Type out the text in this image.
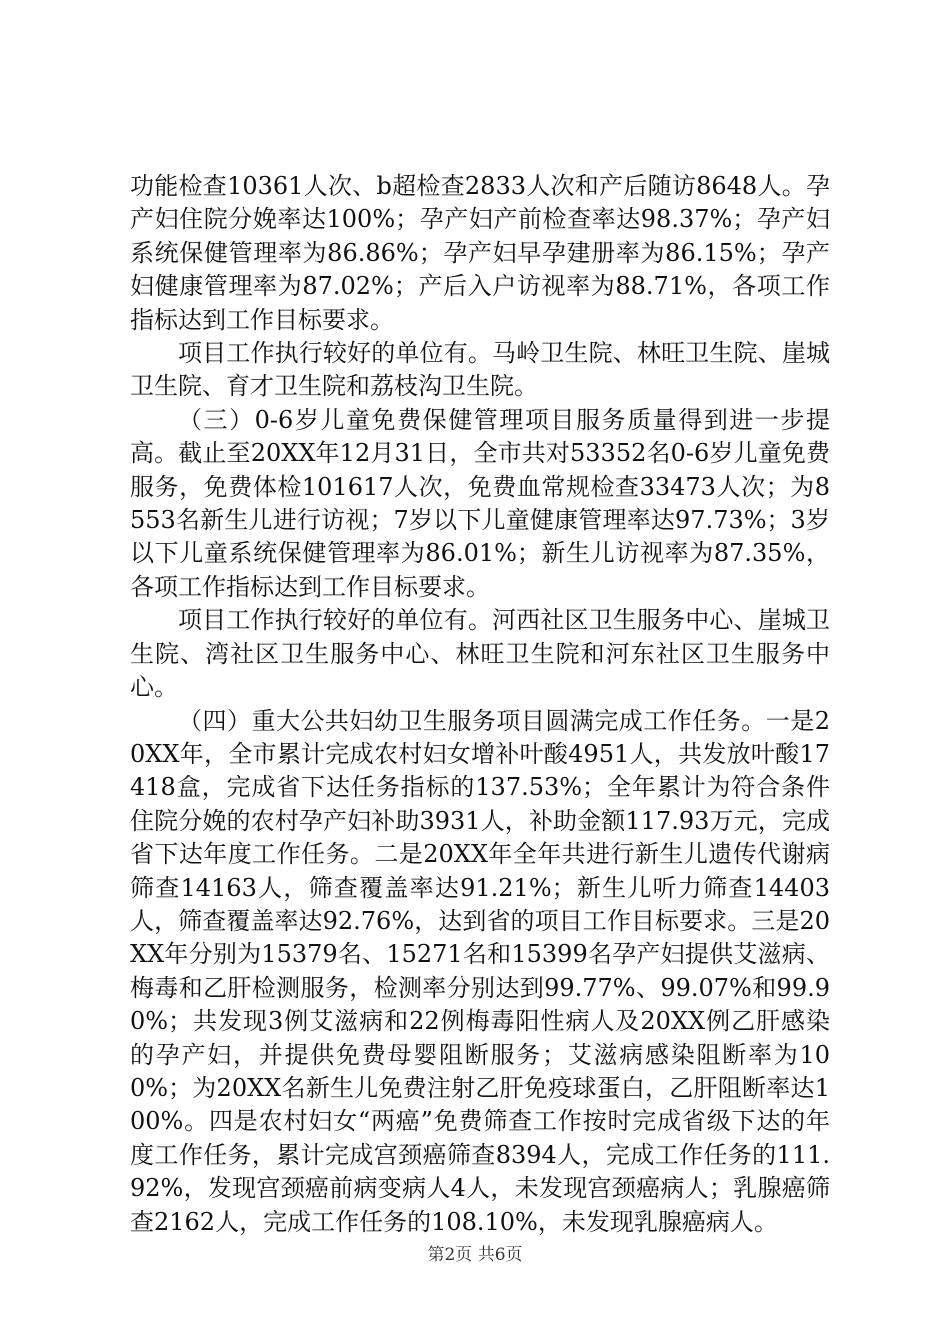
功能检查10361人次、b超检查2833人次和产后随访8648人。孕产妇住院分娩率达100%；孕产妇产前检查率达98.37%；孕产妇系统保健管理率为86.86%；孕产妇早孕建册率为86.15%；孕产妇健康管理率为87.02%；产后入户访视率为88.71%，各项工作指标达到工作目标要求。

项目工作执行较好的单位有。马岭卫生院、林旺卫生院、崖城卫生院、育才卫生院和荔枝沟卫生院。

（三）0-6岁儿童免费保健管理项目服务质量得到进一步提高。截止至20XX年12月31日，全市共对53352名0-6岁儿童免费服务，免费体检101617人次，免费血常规检查33473人次；为8553名新生儿进行访视；7岁以下儿童健康管理率达97.73%；3岁以下儿童系统保健管理率为86.01%；新生儿访视率为87.35%，各项工作指标达到工作目标要求。

项目工作执行较好的单位有。河西社区卫生服务中心、崖城卫生院、湾社区卫生服务中心、林旺卫生院和河东社区卫生服务中心。

（四）重大公共妇幼卫生服务项目圆满完成工作任务。一是20XX年，全市累计完成农村妇女增补叶酸4951人，共发放叶酸17418盒，完成省下达任务指标的137.53%；全年累计为符合条件住院分娩的农村孕产妇补助3931人，补助金额117.93万元，完成省下达年度工作任务。二是20XX年全年共进行新生儿遗传代谢病筛查14163人，筛查覆盖率达91.21%；新生儿听力筛查14403人，筛查覆盖率达92.76%，达到省的项目工作目标要求。三是20XX年分别为15379名、15271名和15399名孕产妇提供艾滋病、梅毒和乙肝检测服务，检测率分别达到99.77%、99.07%和99.90%；共发现3例艾滋病和22例梅毒阳性病人及20XX例乙肝感染的孕产妇，并提供免费母婴阻断服务；艾滋病感染阻断率为100%；为20XX名新生儿免费注射乙肝免疫球蛋白，乙肝阻断率达100%。四是农村妇女“两癌”免费筛查工作按时完成省级下达的年度工作任务，累计完成宫颈癌筛查8394人，完成工作任务的111.92%，发现宫颈癌前病变病人4人，未发现宫颈癌病人；乳腺癌筛查2162人，完成工作任务的108.10%，未发现乳腺癌病人。

第2页 共6页
